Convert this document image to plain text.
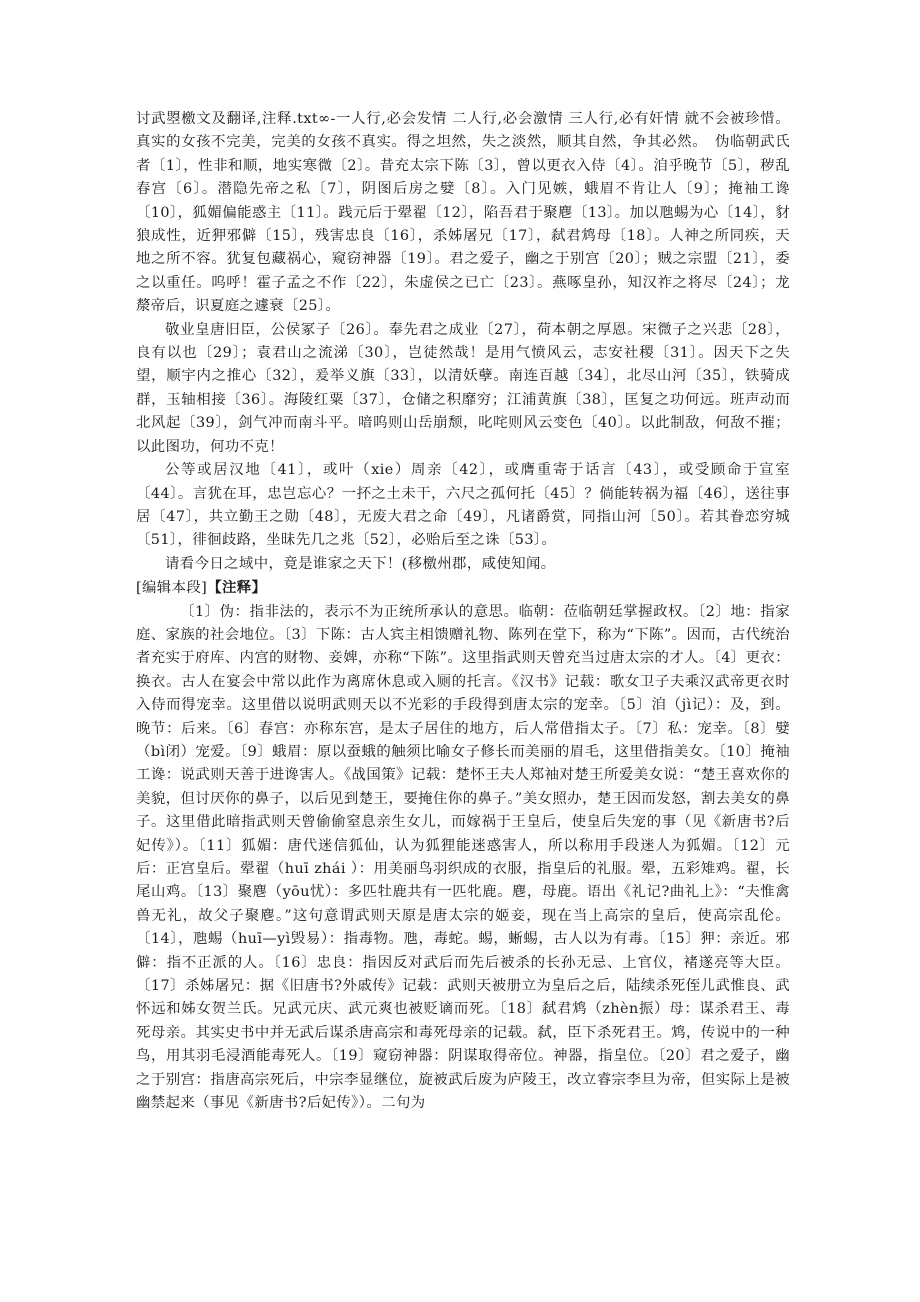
讨武曌檄文及翻译,注释.txt∞-一人行,必会发情 二人行,必会激情 三人行,必有奸情 就不会被珍惜。真实的女孩不完美，完美的女孩不真实。得之坦然，失之淡然，顺其自然，争其必然。　伪临朝武氏者〔1〕，性非和顺，地实寒微〔2〕。昔充太宗下陈〔3〕，曾以更衣入侍〔4〕。洎乎晚节〔5〕，秽乱春宫〔6〕。潜隐先帝之私〔7〕，阴图后房之嬖〔8〕。入门见嫉，蛾眉不肯让人〔9〕；掩袖工谗〔10〕，狐媚偏能惑主〔11〕。践元后于翚翟〔12〕，陷吾君于聚麀〔13〕。加以虺蜴为心〔14〕，豺狼成性，近狎邪僻〔15〕，残害忠良〔16〕，杀姊屠兄〔17〕，弑君鸩母〔18〕。人神之所同疾，天地之所不容。犹复包藏祸心，窥窃神器〔19〕。君之爱子，幽之于别宫〔20〕；贼之宗盟〔21〕，委之以重任。呜呼！霍子孟之不作〔22〕，朱虚侯之已亡〔23〕。燕啄皇孙，知汉祚之将尽〔24〕；龙漦帝后，识夏庭之遽衰〔25〕。

敬业皇唐旧臣，公侯冢子〔26〕。奉先君之成业〔27〕，荷本朝之厚恩。宋微子之兴悲〔28〕，良有以也〔29〕；袁君山之流涕〔30〕，岂徒然哉！是用气愤风云，志安社稷〔31〕。因天下之失望，顺宇内之推心〔32〕，爰举义旗〔33〕，以清妖孽。南连百越〔34〕，北尽山河〔35〕，铁骑成群，玉轴相接〔36〕。海陵红粟〔37〕，仓储之积靡穷；江浦黄旗〔38〕，匡复之功何远。班声动而北风起〔39〕，剑气冲而南斗平。喑呜则山岳崩颓，叱咤则风云变色〔40〕。以此制敌，何敌不摧；以此图功，何功不克！

公等或居汉地〔41〕，或叶（xie）周亲〔42〕，或膺重寄于话言〔43〕，或受顾命于宣室〔44〕。言犹在耳，忠岂忘心？一抔之土未干，六尺之孤何托〔45〕？倘能转祸为福〔46〕，送往事居〔47〕，共立勤王之勋〔48〕，无废大君之命〔49〕，凡诸爵赏，同指山河〔50〕。若其眷恋穷城〔51〕，徘徊歧路，坐昧先几之兆〔52〕，必贻后至之诛〔53〕。

请看今日之域中，竟是谁家之天下！(移檄州郡，咸使知闻。

[编辑本段]【注释】

〔1〕伪：指非法的，表示不为正统所承认的意思。临朝：莅临朝廷掌握政权。〔2〕地：指家庭、家族的社会地位。〔3〕下陈：古人宾主相馈赠礼物、陈列在堂下，称为“下陈”。因而，古代统治者充实于府库、内宫的财物、妾婢，亦称“下陈”。这里指武则天曾充当过唐太宗的才人。〔4〕更衣：换衣。古人在宴会中常以此作为离席休息或入厕的托言。《汉书》记载：歌女卫子夫乘汉武帝更衣时入侍而得宠幸。这里借以说明武则天以不光彩的手段得到唐太宗的宠幸。〔5〕洎（jì记）：及，到。晚节：后来。〔6〕春宫：亦称东宫，是太子居住的地方，后人常借指太子。〔7〕私：宠幸。〔8〕嬖（bì闭）宠爱。〔9〕蛾眉：原以蚕蛾的触须比喻女子修长而美丽的眉毛，这里借指美女。〔10〕掩袖工谗：说武则天善于进谗害人。《战国策》记载：楚怀王夫人郑袖对楚王所爱美女说：“楚王喜欢你的美貌，但讨厌你的鼻子，以后见到楚王，要掩住你的鼻子。”美女照办，楚王因而发怒，割去美女的鼻子。这里借此暗指武则天曾偷偷窒息亲生女儿，而嫁祸于王皇后，使皇后失宠的事（见《新唐书?后妃传》）。〔11〕狐媚：唐代迷信狐仙，认为狐狸能迷惑害人，所以称用手段迷人为狐媚。〔12〕元后：正宫皇后。翚翟（huī zhái ）：用美丽鸟羽织成的衣服，指皇后的礼服。翚，五彩雉鸡。翟，长尾山鸡。〔13〕聚麀（yōu忧）：多匹牡鹿共有一匹牝鹿。麀，母鹿。语出《礼记?曲礼上》：“夫惟禽兽无礼，故父子聚麀。”这句意谓武则天原是唐太宗的姬妾，现在当上高宗的皇后，使高宗乱伦。〔14〕，虺蜴（huī—yì毁易）：指毒物。虺，毒蛇。蜴，蜥蜴，古人以为有毒。〔15〕狎：亲近。邪僻：指不正派的人。〔16〕忠良：指因反对武后而先后被杀的长孙无忌、上官仪，褚遂亮等大臣。〔17〕杀姊屠兄：据《旧唐书?外戚传》记载：武则天被册立为皇后之后，陆续杀死侄儿武惟良、武怀远和姊女贺兰氏。兄武元庆、武元爽也被贬谪而死。〔18〕弑君鸩（zhèn振）母：谋杀君王、毒死母亲。其实史书中并无武后谋杀唐高宗和毒死母亲的记载。弑，臣下杀死君王。鸩，传说中的一种鸟，用其羽毛浸酒能毒死人。〔19〕窥窃神器：阴谋取得帝位。神器，指皇位。〔20〕君之爱子，幽之于别宫：指唐高宗死后，中宗李显继位，旋被武后废为庐陵王，改立睿宗李旦为帝，但实际上是被幽禁起来（事见《新唐书?后妃传》）。二句为
